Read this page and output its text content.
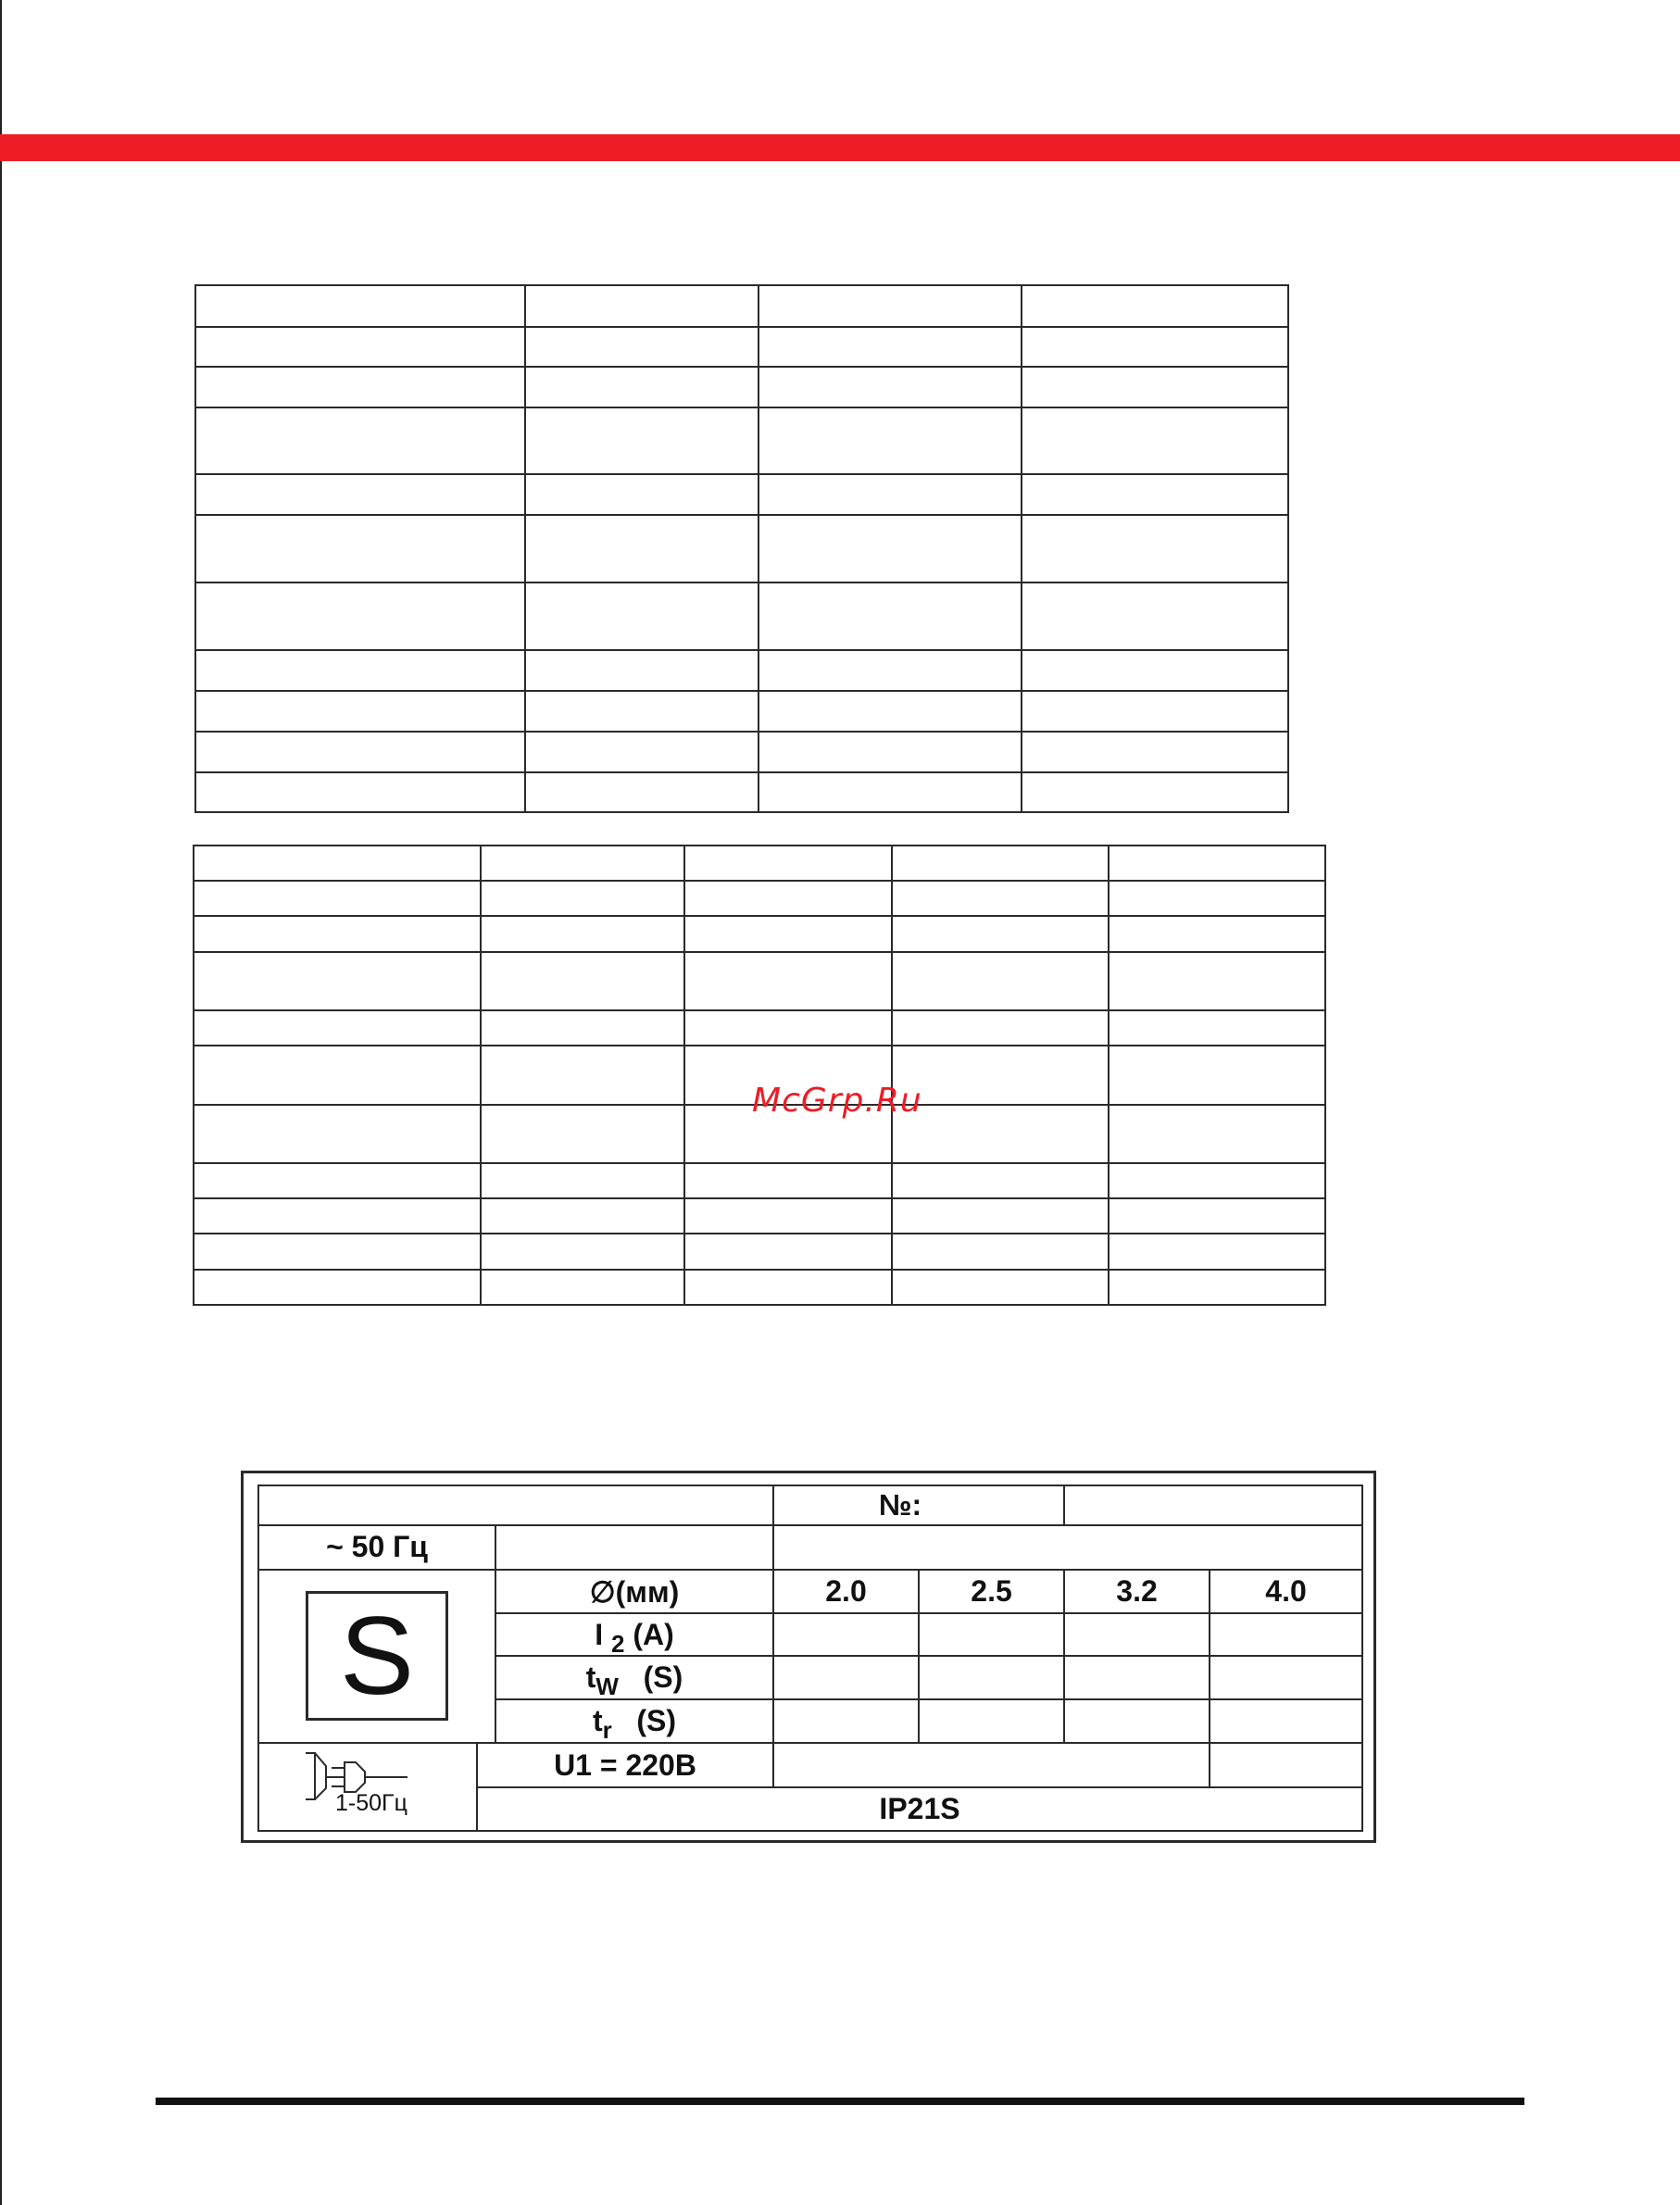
McGrp.Ru
			№:			
~ 50 Гц						

S		∅(мм)	2.0	2.5	3.2	4.0
		I $_2$ (A)				
		$t_W$ (S)				
		$t_r$ (S)				

1-50Гц	U1 = 220В					
	IP21S					
